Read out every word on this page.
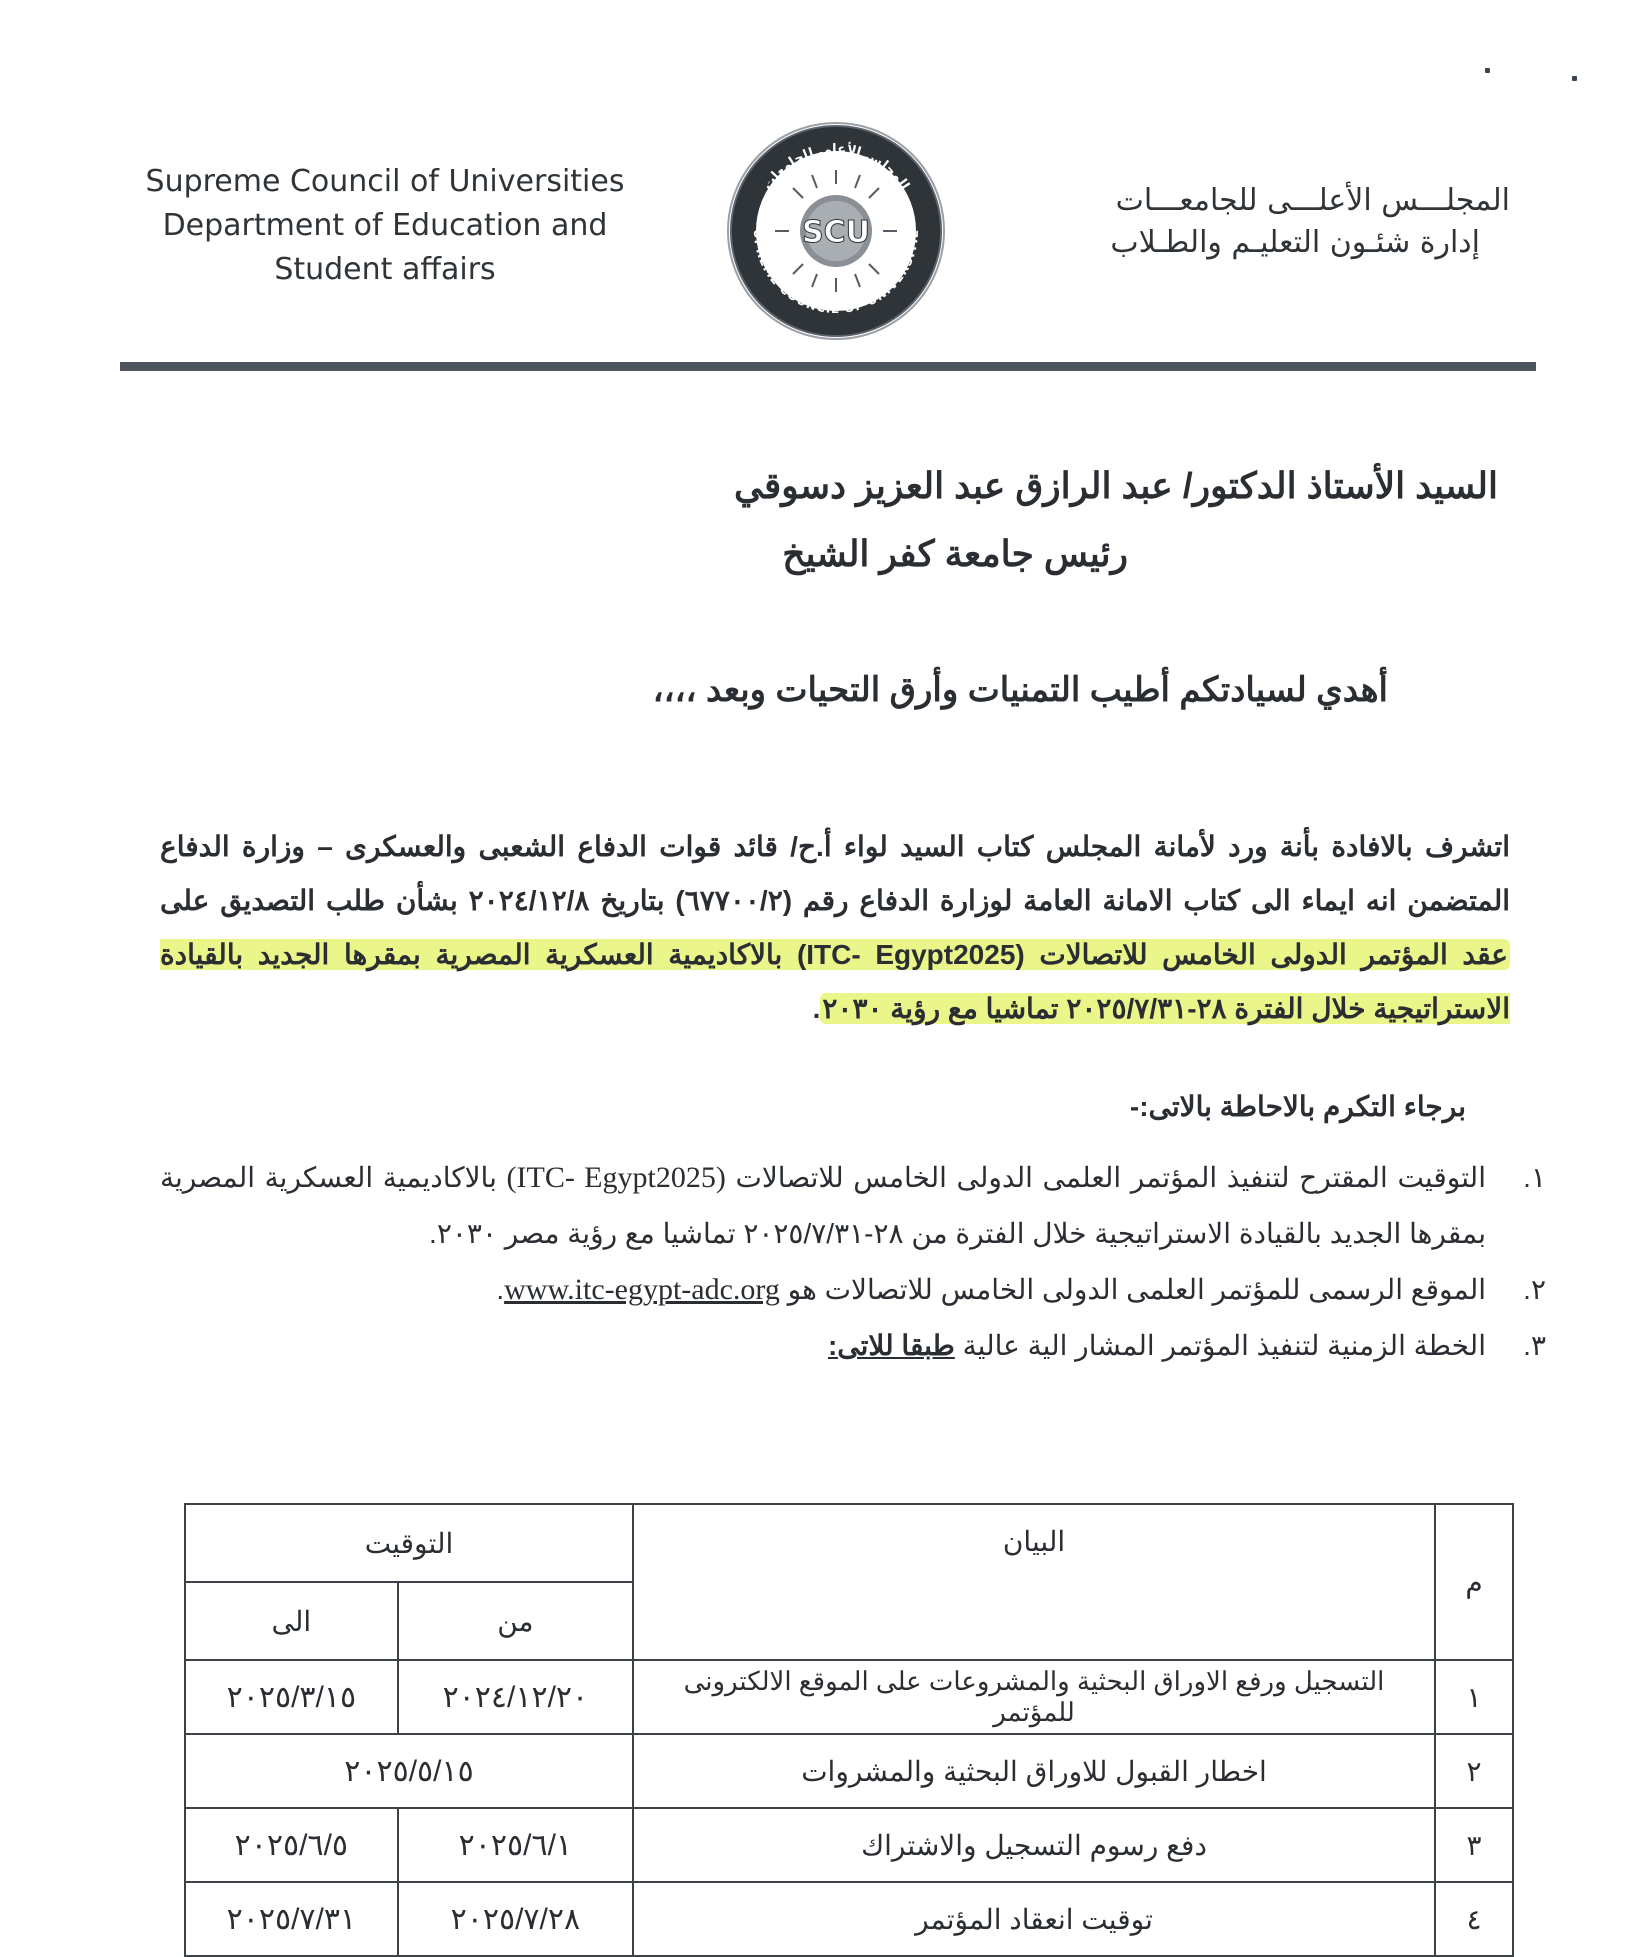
Supreme Council of Universities
Department of Education and
Student affairs
SCU
UPREME COUNCIL OF UNIVERSITIE
المجلس الأعلى للجامعات	المجلـــس الأعلـــى للجامعـــات
إدارة شئـون التعليـم والطـلاب
السيد الأستاذ الدكتور/ عبد الرازق عبد العزيز دسوقي
رئيس جامعة كفر الشيخ
أهدي لسيادتكم أطيب التمنيات وأرق التحيات وبعد ،،،،
اتشرف بالافادة بأنة ورد لأمانة المجلس كتاب السيد لواء أ.ح/ قائد قوات الدفاع الشعبى والعسكرى – وزارة الدفاع المتضمن انه ايماء الى كتاب الامانة العامة لوزارة الدفاع رقم (٦٧٧٠٠/٢) بتاريخ ٢٠٢٤/١٢/٨ بشأن طلب التصديق على عقد المؤتمر الدولى الخامس للاتصالات (ITC- Egypt2025) بالاكاديمية العسكرية المصرية بمقرها الجديد بالقيادة الاستراتيجية خلال الفترة ٢٨-٢٠٢٥/٧/٣١ تماشيا مع رؤية ٢٠٣٠.
برجاء التكرم بالاحاطة بالاتى:-
١.
التوقيت المقترح لتنفيذ المؤتمر العلمى الدولى الخامس للاتصالات (ITC- Egypt2025) بالاكاديمية العسكرية المصرية بمقرها الجديد بالقيادة الاستراتيجية خلال الفترة من ٢٨-٢٠٢٥/٧/٣١ تماشيا مع رؤية مصر ٢٠٣٠.
٢.
الموقع الرسمى للمؤتمر العلمى الدولى الخامس للاتصالات هو www.itc-egypt-adc.org.
٣.
الخطة الزمنية لتنفيذ المؤتمر المشار الية عالية طبقا للاتى:
م	البيان	التوقيت	
		من	الى
١	التسجيل ورفع الاوراق البحثية والمشروعات على الموقع الالكترونى للمؤتمر	٢٠٢٤/١٢/٢٠	٢٠٢٥/٣/١٥
٢	اخطار القبول للاوراق البحثية والمشروات	٢٠٢٥/٥/١٥	
٣	دفع رسوم التسجيل والاشتراك	٢٠٢٥/٦/١	٢٠٢٥/٦/٥
٤	توقيت انعقاد المؤتمر	٢٠٢٥/٧/٢٨	٢٠٢٥/٧/٣١
